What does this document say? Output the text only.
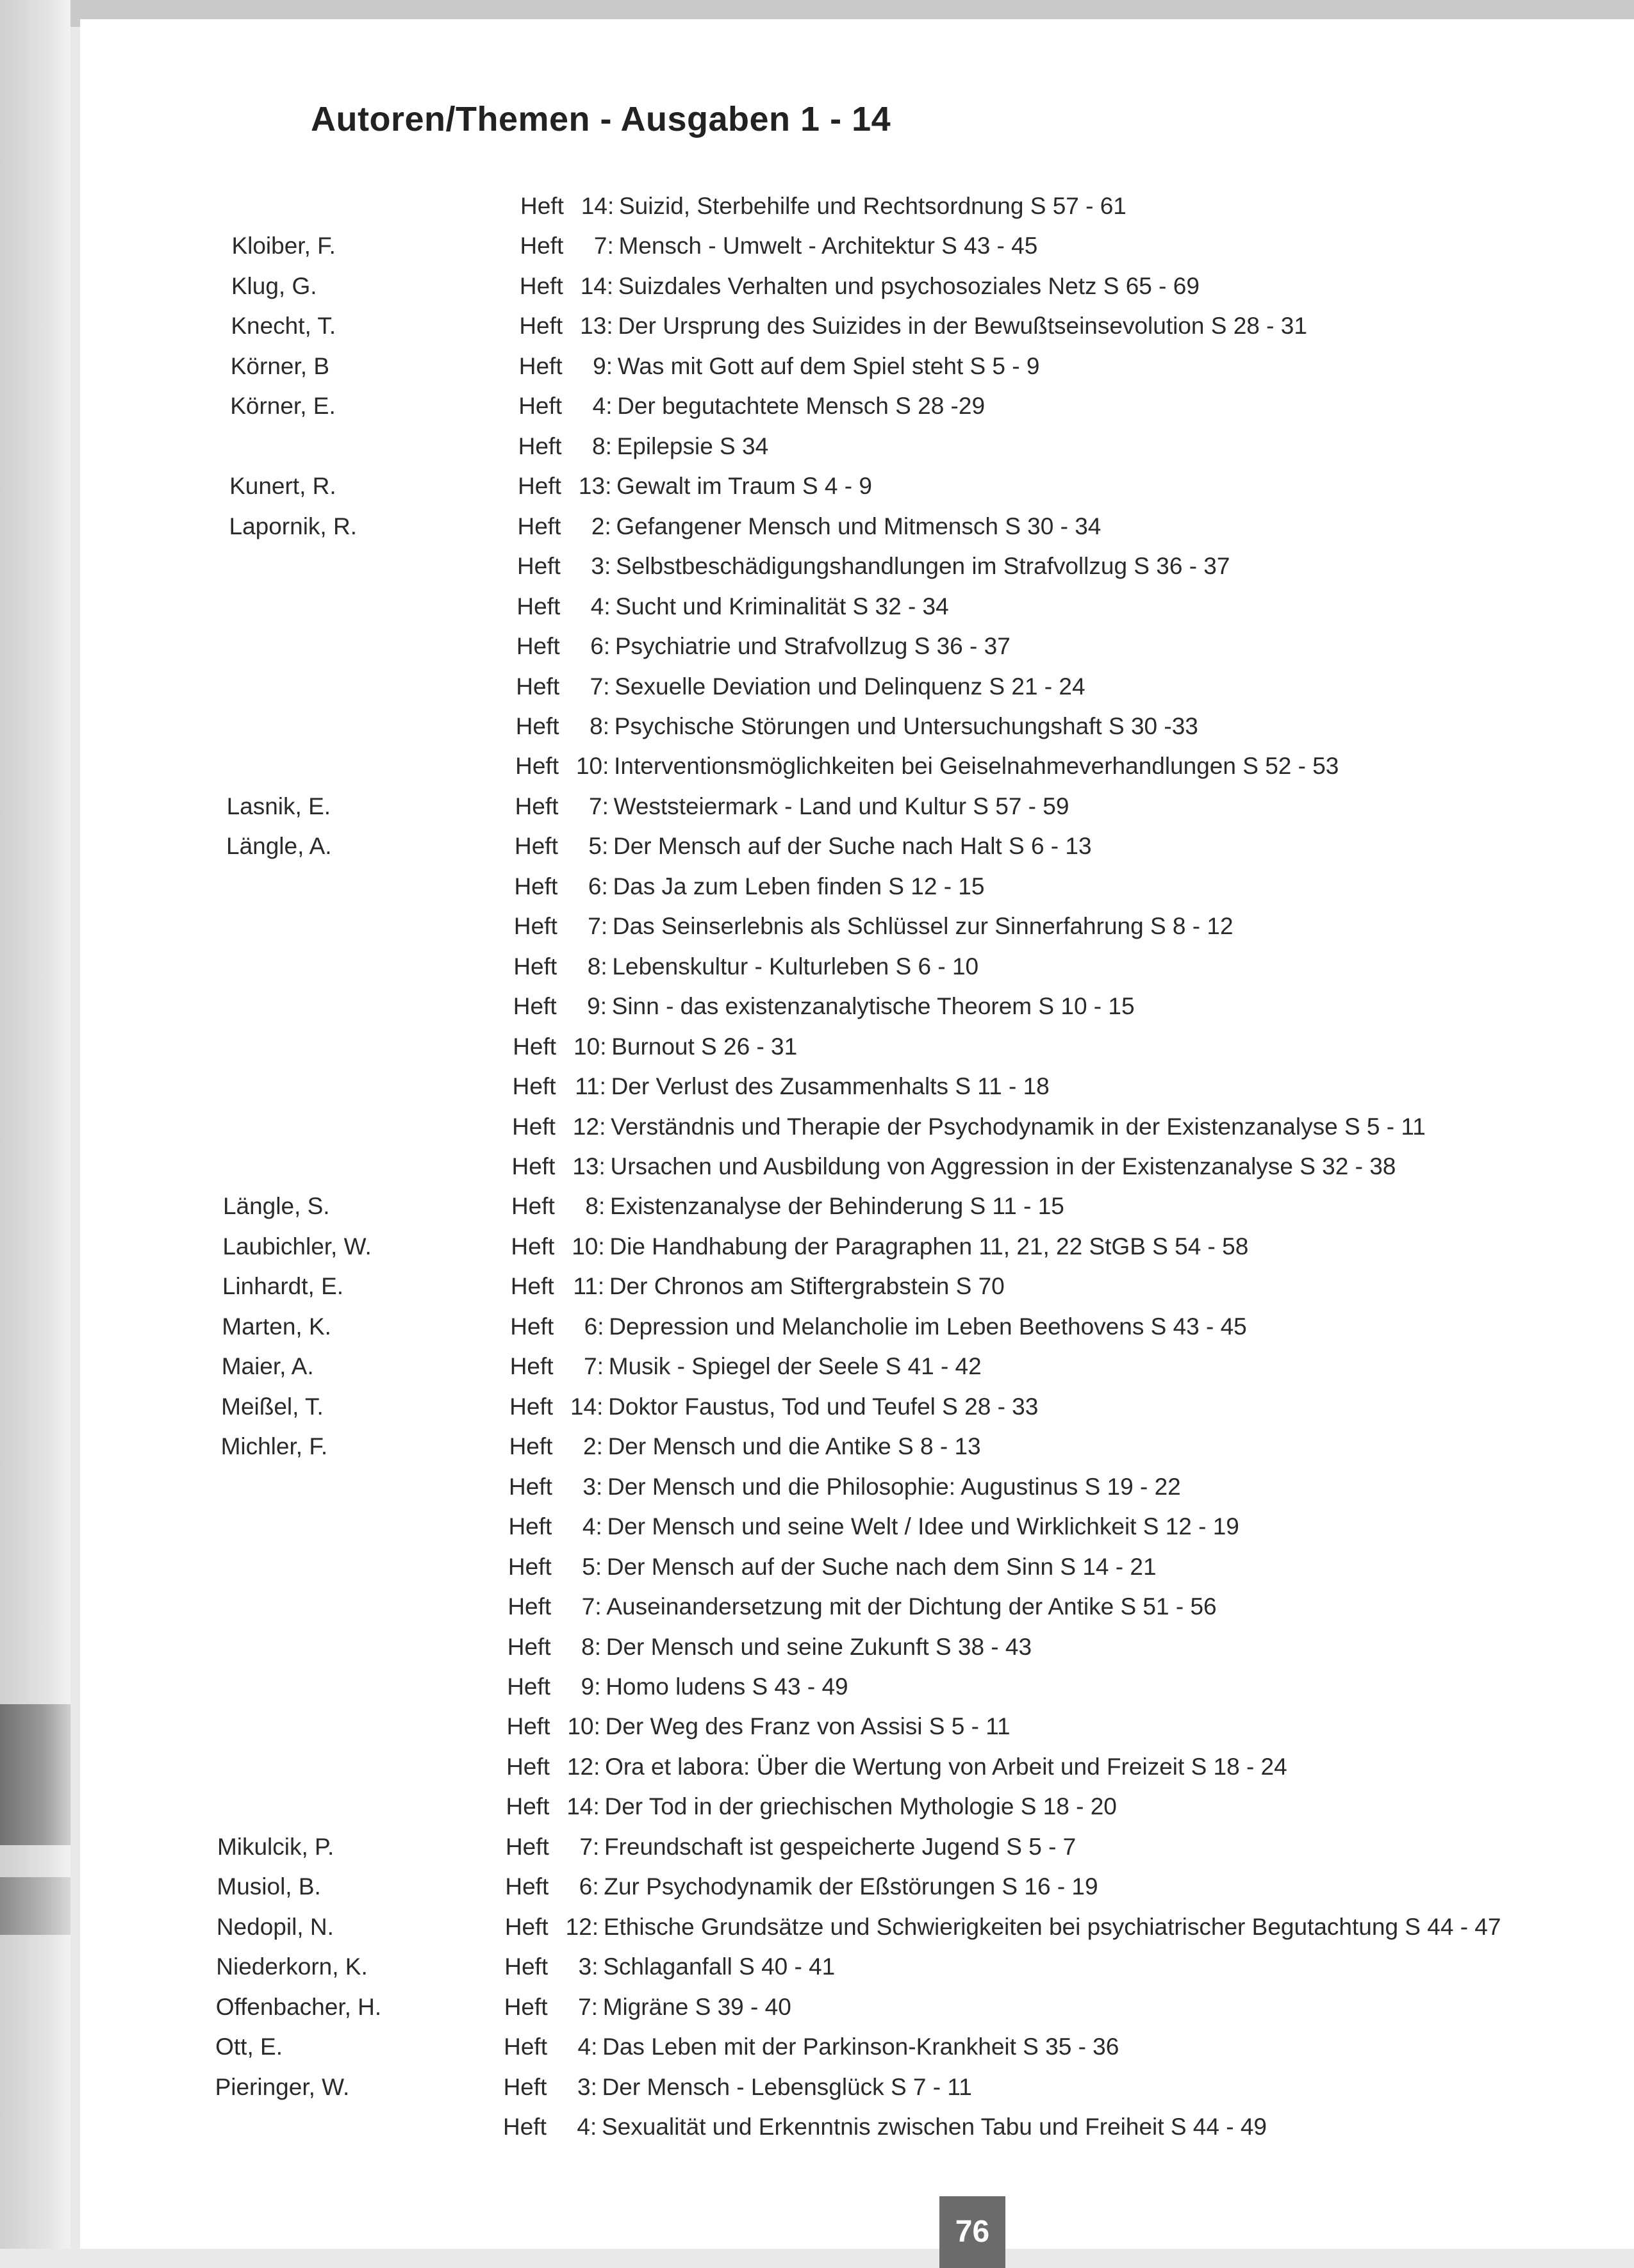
Autoren/Themen - Ausgaben 1 - 14
Heft 14: Suizid, Sterbehilfe und Rechtsordnung S 57 - 61
Kloiber, F.	Heft 7: Mensch - Umwelt - Architektur S 43 - 45
Klug, G.	Heft 14: Suizdales Verhalten und psychosoziales Netz S 65 - 69
Knecht, T.	Heft 13: Der Ursprung des Suizides in der Bewußtseinsevolution S 28 - 31
Körner, B	Heft 9: Was mit Gott auf dem Spiel steht S 5 - 9
Körner, E.	Heft 4: Der begutachtete Mensch S 28 -29
Heft 8: Epilepsie S 34
Kunert, R.	Heft 13: Gewalt im Traum S 4 - 9
Lapornik, R.	Heft 2: Gefangener Mensch und Mitmensch S 30 - 34
Heft 3: Selbstbeschädigungshandlungen im Strafvollzug S 36 - 37
Heft 4: Sucht und Kriminalität S 32 - 34
Heft 6: Psychiatrie und Strafvollzug S 36 - 37
Heft 7: Sexuelle Deviation und Delinquenz S 21 - 24
Heft 8: Psychische Störungen und Untersuchungshaft S 30 -33
Heft 10: Interventionsmöglichkeiten bei Geiselnahmeverhandlungen S 52 - 53
Lasnik, E.	Heft 7: Weststeiermark - Land und Kultur S 57 - 59
Längle, A.	Heft 5: Der Mensch auf der Suche nach Halt S 6 - 13
Heft 6: Das Ja zum Leben finden S 12 - 15
Heft 7: Das Seinserlebnis als Schlüssel zur Sinnerfahrung S 8 - 12
Heft 8: Lebenskultur - Kulturleben S 6 - 10
Heft 9: Sinn - das existenzanalytische Theorem S 10 - 15
Heft 10: Burnout S 26 - 31
Heft 11: Der Verlust des Zusammenhalts S 11 - 18
Heft 12: Verständnis und Therapie der Psychodynamik in der Existenzanalyse S 5 - 11
Heft 13: Ursachen und Ausbildung von Aggression in der Existenzanalyse S 32 - 38
Längle, S.	Heft 8: Existenzanalyse der Behinderung S 11 - 15
Laubichler, W.	Heft 10: Die Handhabung der Paragraphen 11, 21, 22 StGB S 54 - 58
Linhardt, E.	Heft 11: Der Chronos am Stiftergrabstein S 70
Marten, K.	Heft 6: Depression und Melancholie im Leben Beethovens S 43 - 45
Maier, A.	Heft 7: Musik - Spiegel der Seele S 41 - 42
Meißel, T.	Heft 14: Doktor Faustus, Tod und Teufel S 28 - 33
Michler, F.	Heft 2: Der Mensch und die Antike S 8 - 13
Heft 3: Der Mensch und die Philosophie: Augustinus S 19 - 22
Heft 4: Der Mensch und seine Welt / Idee und Wirklichkeit S 12 - 19
Heft 5: Der Mensch auf der Suche nach dem Sinn S 14 - 21
Heft 7: Auseinandersetzung mit der Dichtung der Antike S 51 - 56
Heft 8: Der Mensch und seine Zukunft S 38 - 43
Heft 9: Homo ludens S 43 - 49
Heft 10: Der Weg des Franz von Assisi S 5 - 11
Heft 12: Ora et labora: Über die Wertung von Arbeit und Freizeit S 18 - 24
Heft 14: Der Tod in der griechischen Mythologie S 18 - 20
Mikulcik, P.	Heft 7: Freundschaft ist gespeicherte Jugend S 5 - 7
Musiol, B.	Heft 6: Zur Psychodynamik der Eßstörungen S 16 - 19
Nedopil, N.	Heft 12: Ethische Grundsätze und Schwierigkeiten bei psychiatrischer Begutachtung S 44 - 47
Niederkorn, K.	Heft 3: Schlaganfall S 40 - 41
Offenbacher, H.	Heft 7: Migräne S 39 - 40
Ott, E.	Heft 4: Das Leben mit der Parkinson-Krankheit S 35 - 36
Pieringer, W.	Heft 3: Der Mensch - Lebensglück S 7 - 11
Heft 4: Sexualität und Erkenntnis zwischen Tabu und Freiheit S 44 - 49
76
